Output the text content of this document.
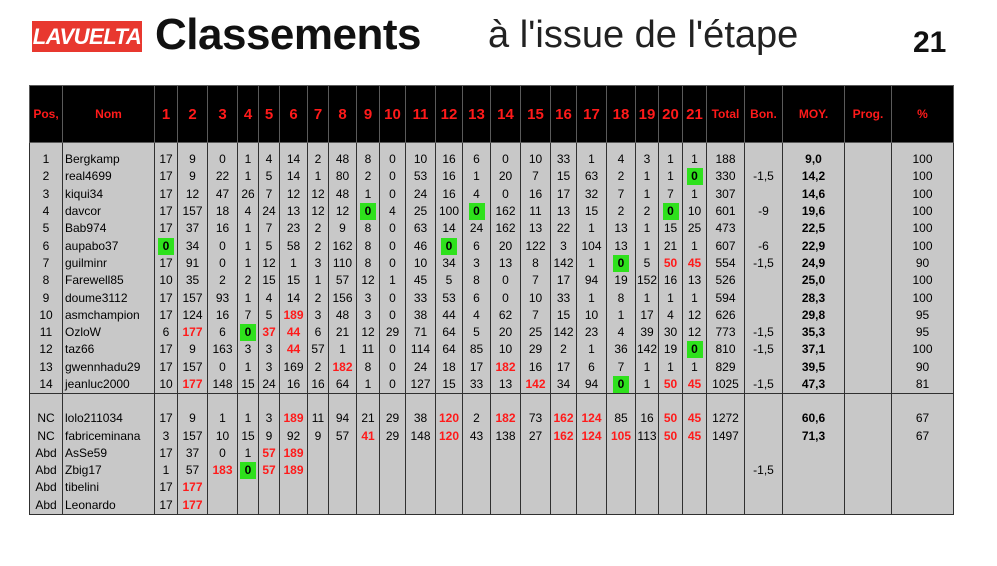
LAVUELTA Classements à l'issue de l'étape	21
Pos,	Nom	1	2	3	4	5	6	7	8	9	10	11	12	13	14	15	16	17	18	19	20	21	Total	Bon.	MOY.	Prog.	%

1	Bergkamp	17	9	0	1	4	14	2	48	8	0	10	16	6	0	10	33	1	4	3	1	1	188		9,0		100
2	real4699	17	9	22	1	5	14	1	80	2	0	53	16	1	20	7	15	63	2	1	1	0	330	-1,5	14,2		100
3	kiqui34	17	12	47	26	7	12	12	48	1	0	24	16	4	0	16	17	32	7	1	7	1	307		14,6		100
4	davcor	17	157	18	4	24	13	12	12	0	4	25	100	0	162	11	13	15	2	2	0	10	601	-9	19,6		100
5	Bab974	17	37	16	1	7	23	2	9	8	0	63	14	24	162	13	22	1	13	1	15	25	473		22,5		100
6	aupabo37	0	34	0	1	5	58	2	162	8	0	46	0	6	20	122	3	104	13	1	21	1	607	-6	22,9		100
7	guilminr	17	91	0	1	12	1	3	110	8	0	10	34	3	13	8	142	1	0	5	50	45	554	-1,5	24,9		90
8	Farewell85	10	35	2	2	15	15	1	57	12	1	45	5	8	0	7	17	94	19	152	16	13	526		25,0		100
9	doume3112	17	157	93	1	4	14	2	156	3	0	33	53	6	0	10	33	1	8	1	1	1	594		28,3		100
10	asmchampion	17	124	16	7	5	189	3	48	3	0	38	44	4	62	7	15	10	1	17	4	12	626		29,8		95
11	OzloW	6	177	6	0	37	44	6	21	12	29	71	64	5	20	25	142	23	4	39	30	12	773	-1,5	35,3		95
12	taz66	17	9	163	3	3	44	57	1	11	0	114	64	85	10	29	2	1	36	142	19	0	810	-1,5	37,1		100
13	gwennhadu29	17	157	0	1	3	169	2	182	8	0	24	18	17	182	16	17	6	7	1	1	1	829		39,5		90
14	jeanluc2000	10	177	148	15	24	16	16	64	1	0	127	15	33	13	142	34	94	0	1	50	45	1025	-1,5	47,3		81

NC	lolo211034	17	9	1	1	3	189	11	94	21	29	38	120	2	182	73	162	124	85	16	50	45	1272		60,6		67
NC	fabriceminana	3	157	10	15	9	92	9	57	41	29	148	120	43	138	27	162	124	105	113	50	45	1497		71,3		67
Abd	AsSe59	17	37	0	1	57	189																				
Abd	Zbig17	1	57	183	0	57	189																	-1,5			
Abd	tibelini	17	177																								
Abd	Leonardo	17	177																								
